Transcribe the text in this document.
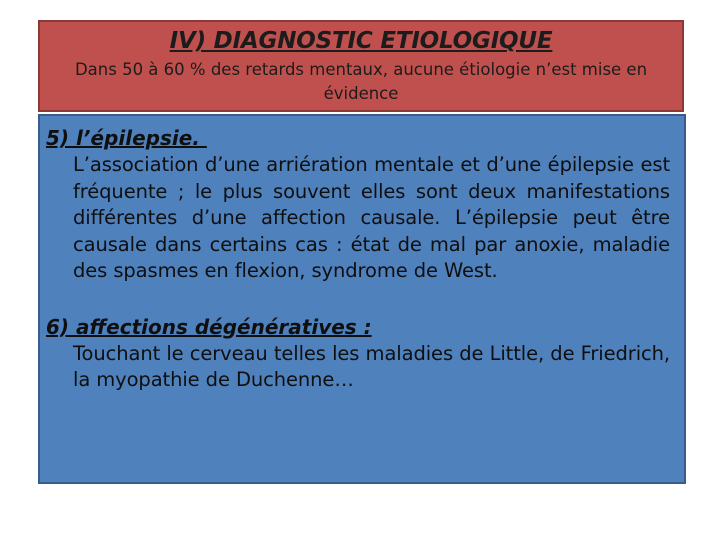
IV) DIAGNOSTIC ETIOLOGIQUE
Dans 50 à 60 % des retards mentaux, aucune étiologie n’est mise en évidence
5) l’épilepsie.
L’association d’une arriération mentale et d’une épilepsie est fréquente ; le plus souvent elles sont deux manifestations différentes d’une affection causale. L’épilepsie peut être causale dans certains cas : état de mal par anoxie, maladie des spasmes en flexion, syndrome de West.
6) affections dégénératives :
Touchant le cerveau telles les maladies de Little, de Friedrich, la myopathie de Duchenne…
